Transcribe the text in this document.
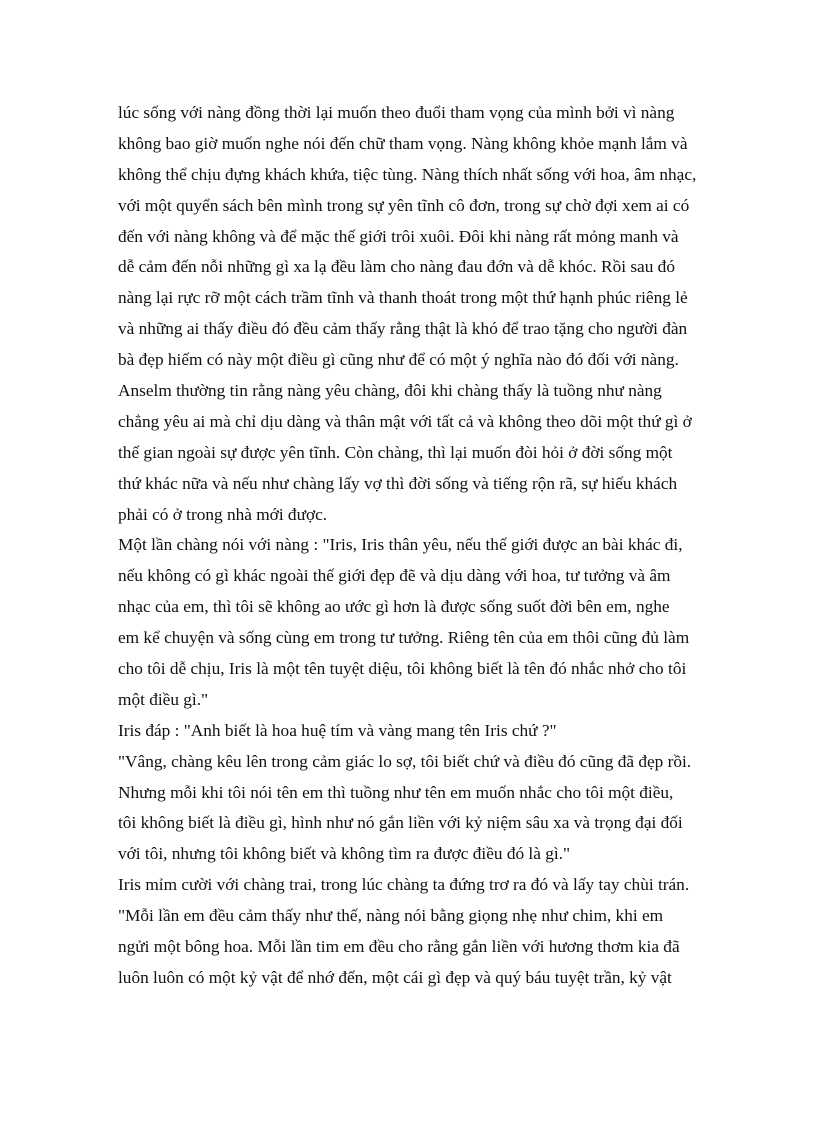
lúc sống với nàng đồng thời lại muốn theo đuổi tham vọng của mình bởi vì nàng
không bao giờ muốn nghe nói đến chữ tham vọng. Nàng không khỏe mạnh lắm và
không thể chịu đựng khách khứa, tiệc tùng. Nàng thích nhất sống với hoa, âm nhạc,
với một quyển sách bên mình trong sự yên tĩnh cô đơn, trong sự chờ đợi xem ai có
đến với nàng không và để mặc thế giới trôi xuôi. Đôi khi nàng rất mỏng manh và
dễ cảm đến nỗi những gì xa lạ đều làm cho nàng đau đớn và dễ khóc. Rồi sau đó
nàng lại rực rỡ một cách trầm tĩnh và thanh thoát trong một thứ hạnh phúc riêng lẻ
và những ai thấy điều đó đều cảm thấy rằng thật là khó để trao tặng cho người đàn
bà đẹp hiếm có này một điều gì cũng như để có một ý nghĩa nào đó đối với nàng.
Anselm thường tin rằng nàng yêu chàng, đôi khi chàng thấy là tuồng như nàng
chẳng yêu ai mà chỉ dịu dàng và thân mật với tất cả và không theo dõi một thứ gì ở
thế gian ngoài sự được yên tĩnh. Còn chàng, thì lại muốn đòi hỏi ở đời sống một
thứ khác nữa và nếu như chàng lấy vợ thì đời sống và tiếng rộn rã, sự hiếu khách
phải có ở trong nhà mới được.
Một lần chàng nói với nàng : "Iris, Iris thân yêu, nếu thế giới được an bài khác đi,
nếu không có gì khác ngoài thế giới đẹp đẽ và dịu dàng với hoa, tư tưởng và âm
nhạc của em, thì tôi sẽ không ao ước gì hơn là được sống suốt đời bên em, nghe
em kể chuyện và sống cùng em trong tư tưởng. Riêng tên của em thôi cũng đủ làm
cho tôi dễ chịu, Iris là một tên tuyệt diệu, tôi không biết là tên đó nhắc nhở cho tôi
một điều gì."
Iris đáp : "Anh biết là hoa huệ tím và vàng mang tên Iris chứ ?"
"Vâng, chàng kêu lên trong cảm giác lo sợ, tôi biết chứ và điều đó cũng đã đẹp rồi.
Nhưng mỗi khi tôi nói tên em thì tuồng như tên em muốn nhắc cho tôi một điều,
tôi không biết là điều gì, hình như nó gắn liền với kỷ niệm sâu xa và trọng đại đối
với tôi, nhưng tôi không biết và không tìm ra được điều đó là gì."
Iris mỉm cười với chàng trai, trong lúc chàng ta đứng trơ ra đó và lấy tay chùi trán.
"Mỗi lần em đều cảm thấy như thế, nàng nói bằng giọng nhẹ như chim, khi em
ngửi một bông hoa. Mỗi lần tim em đều cho rằng gắn liền với hương thơm kia đã
luôn luôn có một kỷ vật để nhớ đến, một cái gì đẹp và quý báu tuyệt trần, kỷ vật
